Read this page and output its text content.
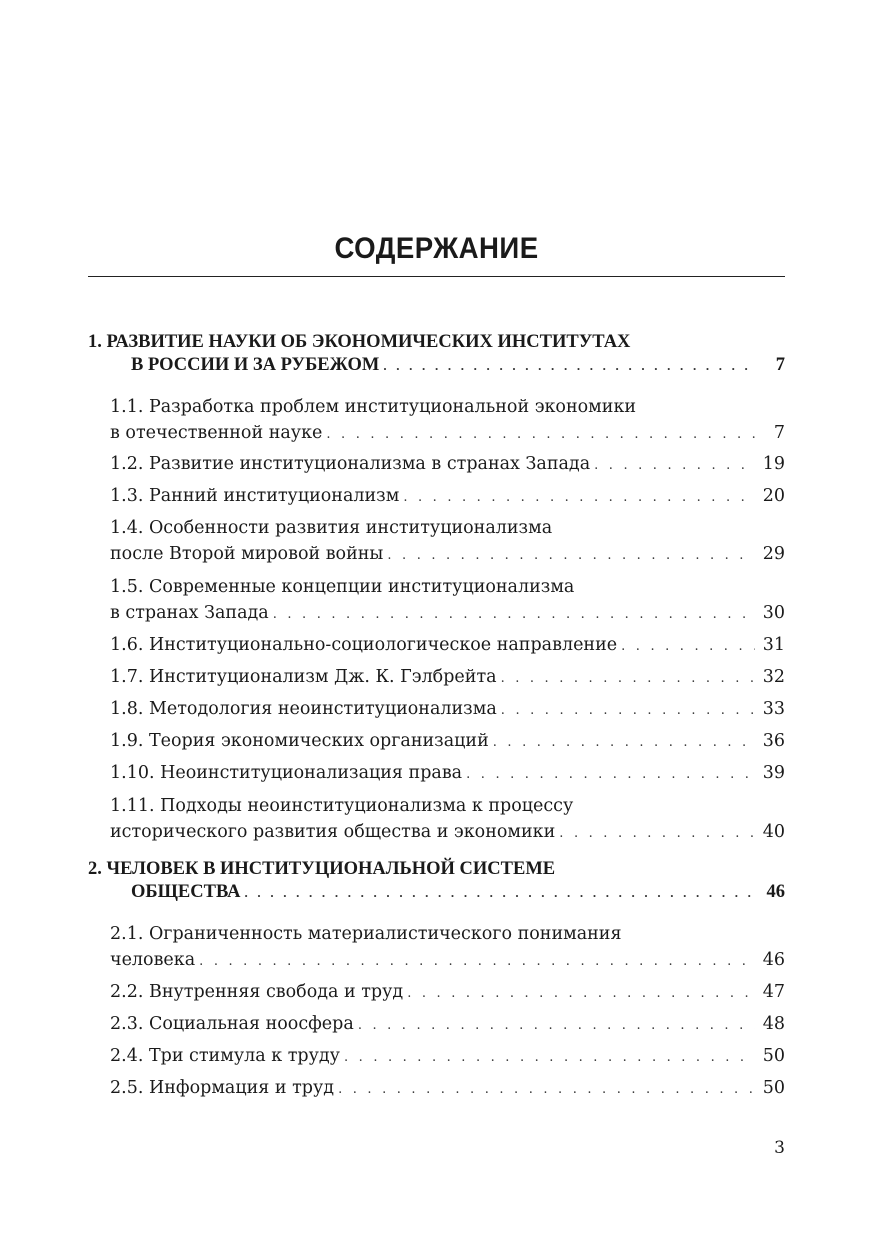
СОДЕРЖАНИЕ
1. РАЗВИТИЕ НАУКИ ОБ ЭКОНОМИЧЕСКИХ ИНСТИТУТАХ
В РОССИИ И ЗА РУБЕЖОМ . . .	7
1.1. Разработка проблем институциональной экономики
в отечественной науке . . .	7
1.2. Развитие институционализма в странах Запада . . .	19
1.3. Ранний институционализм . . .	20
1.4. Особенности развития институционализма
после Второй мировой войны . . .	29
1.5. Современные концепции институционализма
в странах Запада . . .	30
1.6. Институционально-социологическое направление . . .	31
1.7. Институционализм Дж. К. Гэлбрейта . . .	32
1.8. Методология неоинституционализма . . .	33
1.9. Теория экономических организаций . . .	36
1.10. Неоинституционализация права . . .	39
1.11. Подходы неоинституционализма к процессу
исторического развития общества и экономики . . .	40
2. ЧЕЛОВЕК В ИНСТИТУЦИОНАЛЬНОЙ СИСТЕМЕ
ОБЩЕСТВА . . .	46
2.1. Ограниченность материалистического понимания
человека . . .	46
2.2. Внутренняя свобода и труд . . .	47
2.3. Социальная ноосфера . . .	48
2.4. Три стимула к труду . . .	50
2.5. Информация и труд . . .	50
3
